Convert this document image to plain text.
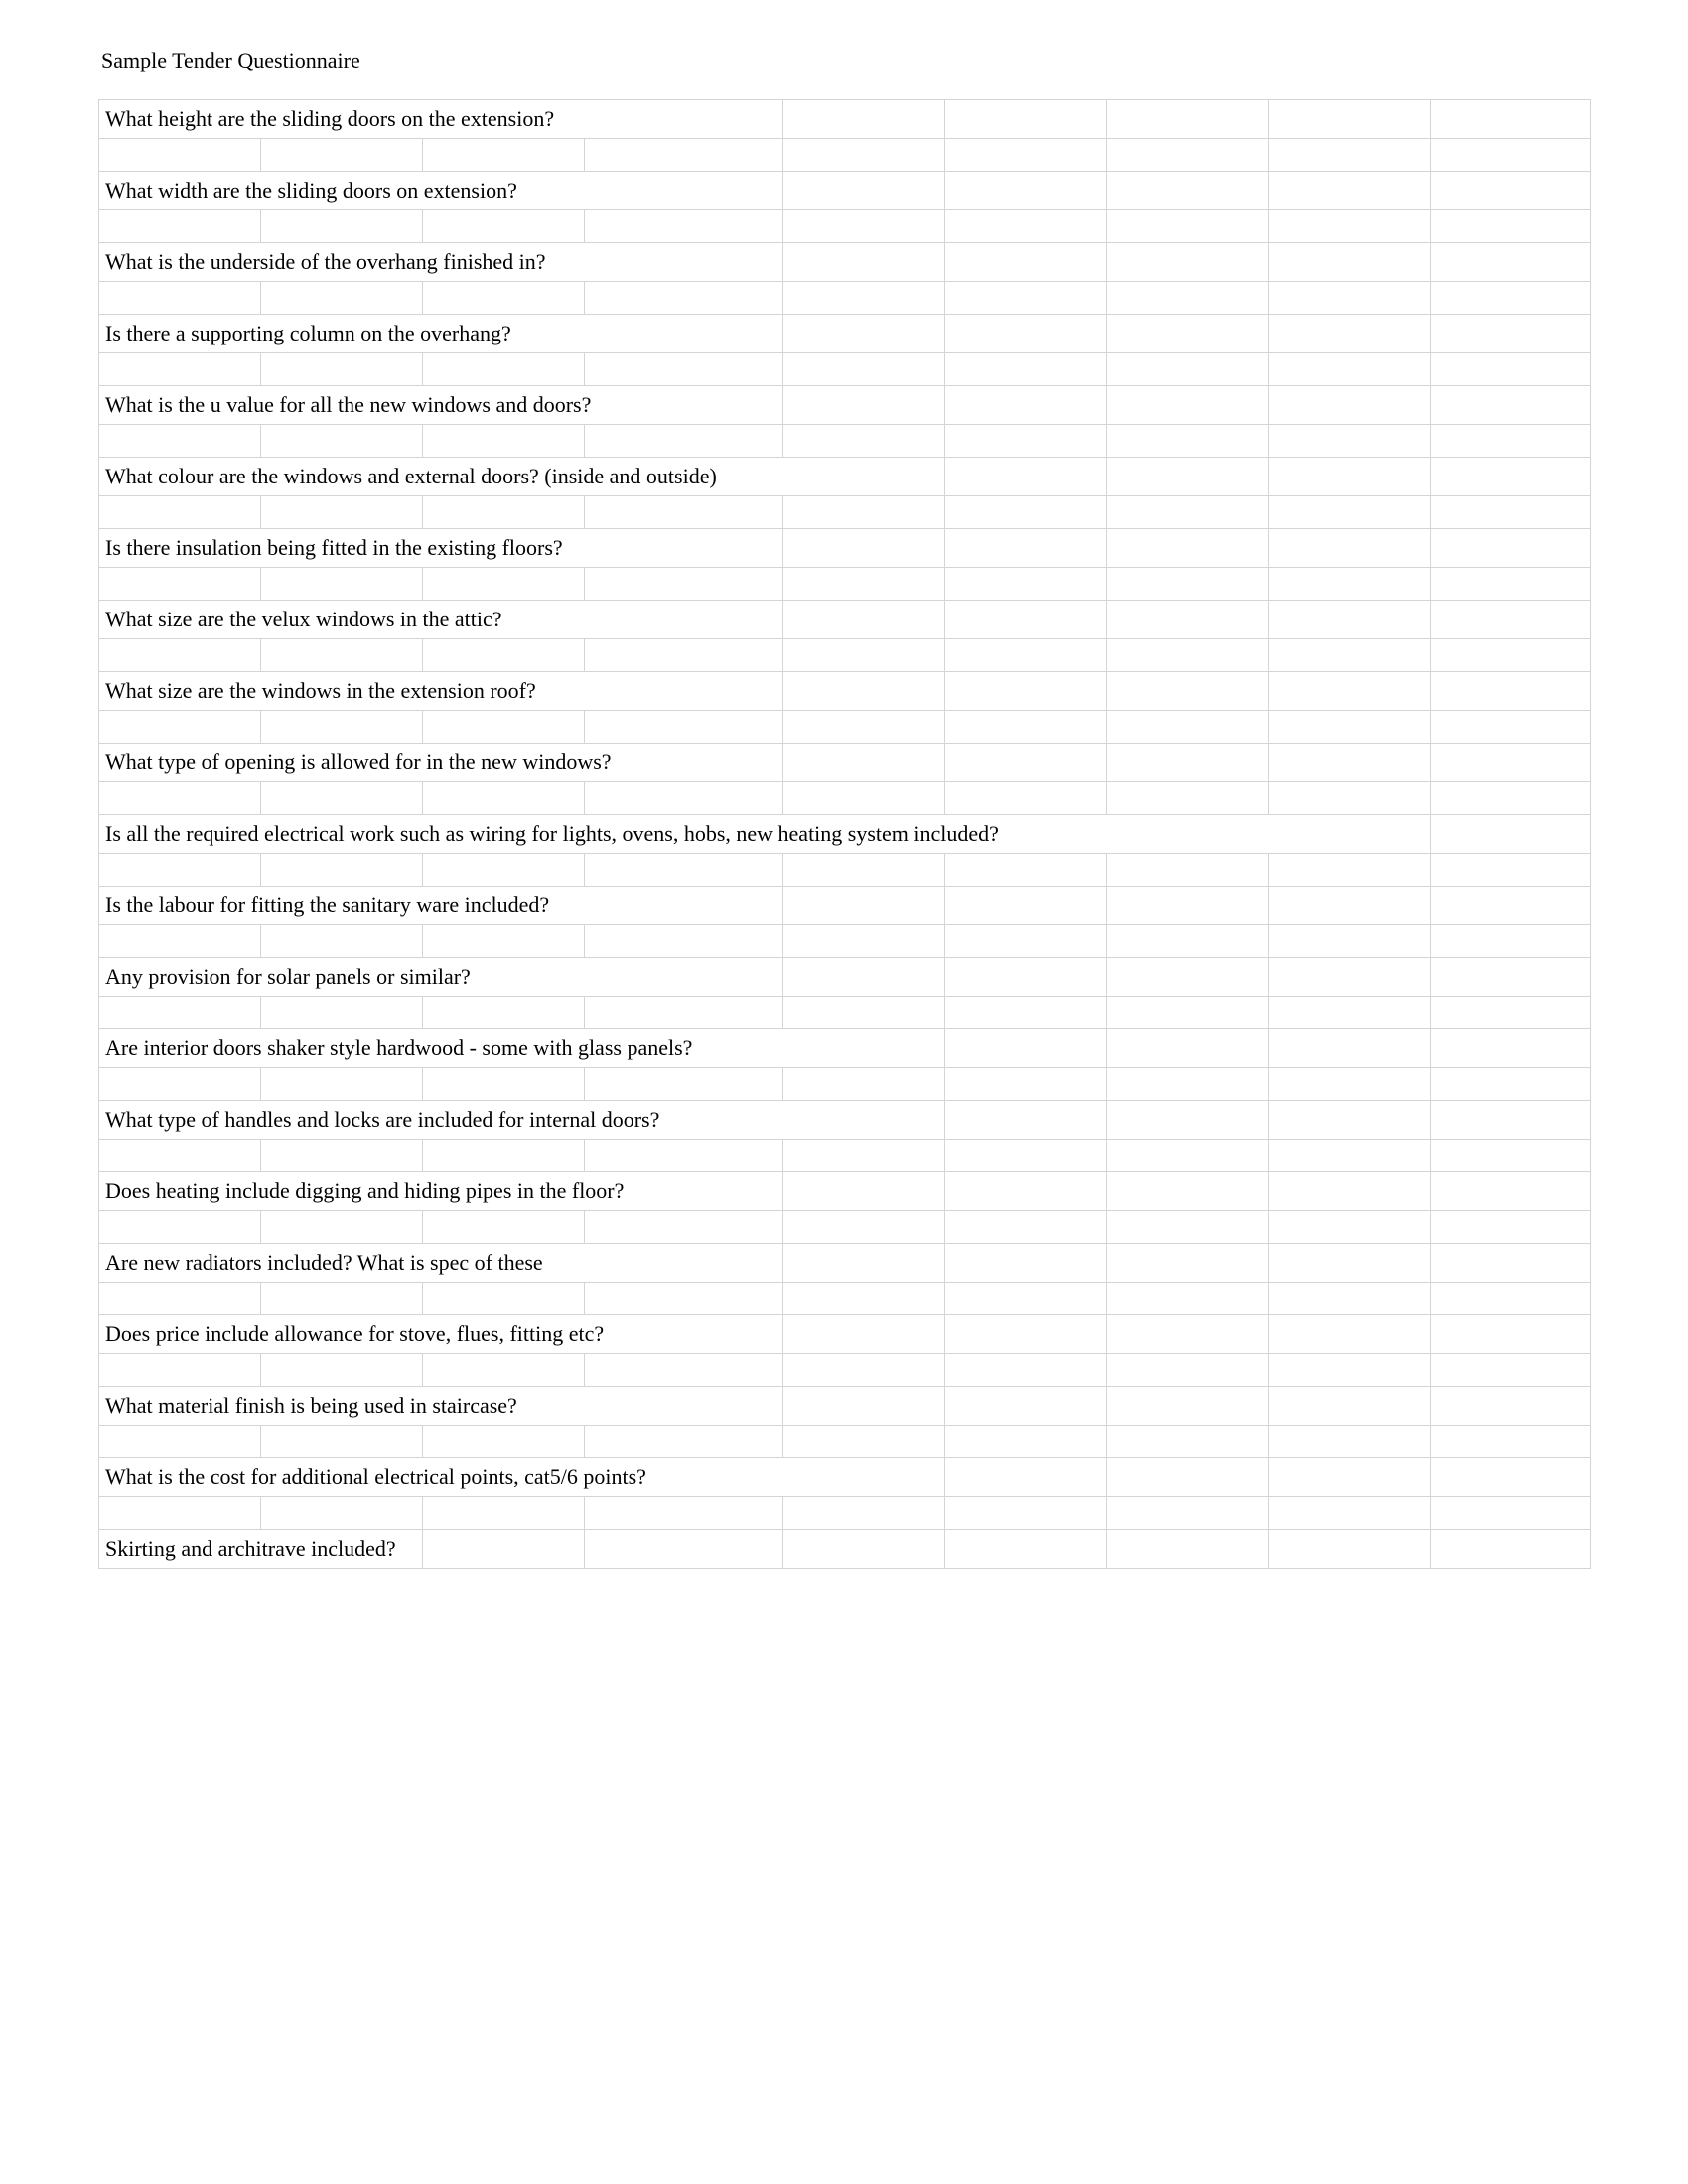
Sample Tender Questionnaire
What height are the sliding doors on the extension?								

What width are the sliding doors on extension?								

What is the underside of the overhang finished in?								

Is there a supporting column on the overhang?								

What is the u value for all the new windows and doors?								

What colour are the windows and external doors? (inside and outside)								

Is there insulation being fitted in the existing floors?								

What size are the velux windows in the attic?								

What size are the windows in the extension roof?								

What type of opening is allowed for in the new windows?								

Is all the required electrical work such as wiring for lights, ovens, hobs, new heating system included?								

Is the labour for fitting the sanitary ware included?								

Any provision for solar panels or similar?								

Are interior doors shaker style hardwood - some with glass panels?								

What type of handles and locks are included for internal doors?								

Does heating include digging and hiding pipes in the floor?								

Are new radiators included? What is spec of these								

Does price include allowance for stove, flues, fitting etc?								

What material finish is being used in staircase?								

What is the cost for additional electrical points, cat5/6 points?								

Skirting and architrave included?								
